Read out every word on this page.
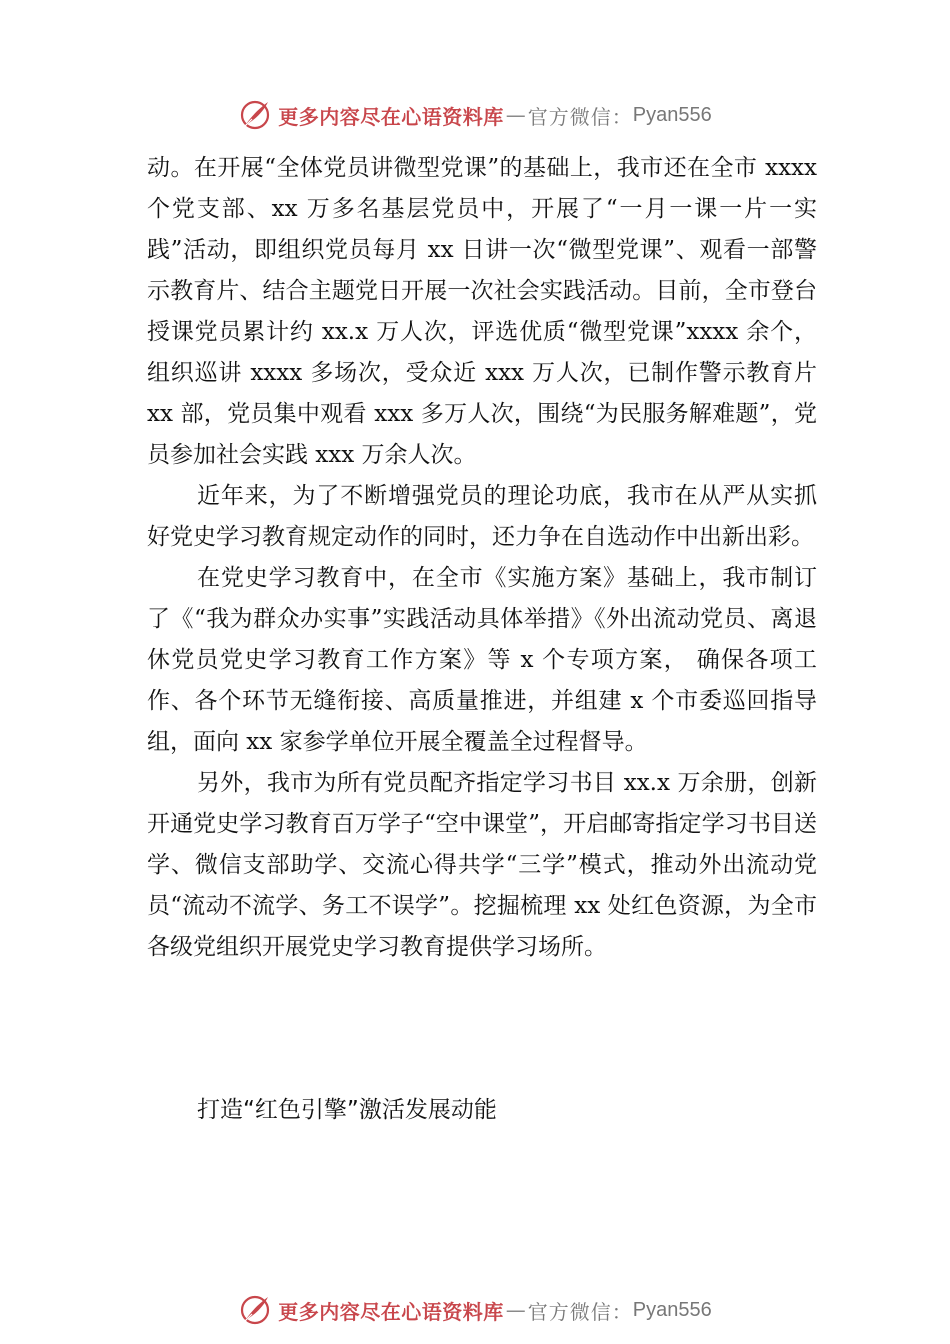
更多内容尽在心语资料库 — 官方微信： Pyan556

动。在开展“全体党员讲微型党课”的基础上，我市还在全市 xxxx 个党支部、xx 万多名基层党员中，开展了“一月一课一片一实践”活动，即组织党员每月 xx 日讲一次“微型党课”、观看一部警示教育片、结合主题党日开展一次社会实践活动。目前，全市登台授课党员累计约 xx.x 万人次，评选优质“微型党课”xxxx 余个，组织巡讲 xxxx 多场次，受众近 xxx 万人次，已制作警示教育片 xx 部，党员集中观看 xxx 多万人次，围绕“为民服务解难题”，党员参加社会实践 xxx 万余人次。

近年来，为了不断增强党员的理论功底，我市在从严从实抓好党史学习教育规定动作的同时，还力争在自选动作中出新出彩。

在党史学习教育中，在全市《实施方案》基础上，我市制订了《“我为群众办实事”实践活动具体举措》《外出流动党员、离退休党员党史学习教育工作方案》等 x 个专项方案， 确保各项工作、各个环节无缝衔接、高质量推进，并组建 x 个市委巡回指导组，面向 xx 家参学单位开展全覆盖全过程督导。

另外，我市为所有党员配齐指定学习书目 xx.x 万余册，创新开通党史学习教育百万学子“空中课堂”，开启邮寄指定学习书目送学、微信支部助学、交流心得共学“三学”模式，推动外出流动党员“流动不流学、务工不误学”。挖掘梳理 xx 处红色资源，为全市各级党组织开展党史学习教育提供学习场所。

打造“红色引擎”激活发展动能
更多内容尽在心语资料库 — 官方微信： Pyan556
